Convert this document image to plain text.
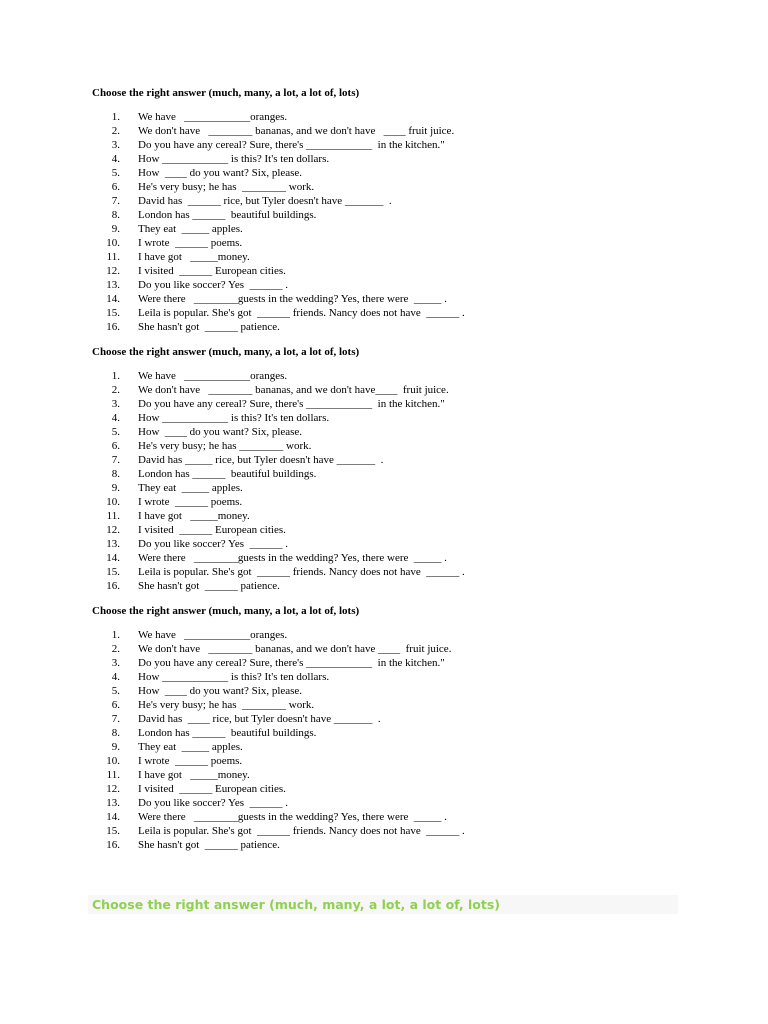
Choose the right answer (much, many, a lot, a lot of, lots)
1. We have   ____________oranges.
2. We don't have   ________ bananas, and we don't have   ____ fruit juice.
3. Do you have any cereal? Sure, there's ____________  in the kitchen."
4. How ____________ is this? It's ten dollars.
5. How  ____ do you want? Six, please.
6. He's very busy; he has  ________ work.
7. David has  ______ rice, but Tyler doesn't have _______  .
8. London has ______  beautiful buildings.
9. They eat  _____ apples.
10. I wrote  ______ poems.
11. I have got   _____money.
12. I visited  ______ European cities.
13. Do you like soccer? Yes  ______ .
14. Were there   ________guests in the wedding? Yes, there were  _____ .
15. Leila is popular. She's got  ______ friends. Nancy does not have  ______ .
16. She hasn't got  ______ patience.
Choose the right answer (much, many, a lot, a lot of, lots)
1. We have   ____________oranges.
2. We don't have   ________ bananas, and we don't have____  fruit juice.
3. Do you have any cereal? Sure, there's ____________  in the kitchen."
4. How ____________ is this? It's ten dollars.
5. How  ____ do you want? Six, please.
6. He's very busy; he has ________ work.
7. David has _____ rice, but Tyler doesn't have _______  .
8. London has ______  beautiful buildings.
9. They eat  _____ apples.
10. I wrote  ______ poems.
11. I have got   _____money.
12. I visited  ______ European cities.
13. Do you like soccer? Yes  ______ .
14. Were there   ________guests in the wedding? Yes, there were  _____ .
15. Leila is popular. She's got  ______ friends. Nancy does not have  ______ .
16. She hasn't got  ______ patience.
Choose the right answer (much, many, a lot, a lot of, lots)
1. We have   ____________oranges.
2. We don't have   ________ bananas, and we don't have ____  fruit juice.
3. Do you have any cereal? Sure, there's ____________  in the kitchen."
4. How ____________ is this? It's ten dollars.
5. How  ____ do you want? Six, please.
6. He's very busy; he has  ________ work.
7. David has  ____ rice, but Tyler doesn't have _______  .
8. London has ______  beautiful buildings.
9. They eat  _____ apples.
10. I wrote  ______ poems.
11. I have got   _____money.
12. I visited  ______ European cities.
13. Do you like soccer? Yes  ______ .
14. Were there   ________guests in the wedding? Yes, there were  _____ .
15. Leila is popular. She's got  ______ friends. Nancy does not have  ______ .
16. She hasn't got  ______ patience.
Choose the right answer (much, many, a lot, a lot of, lots)
